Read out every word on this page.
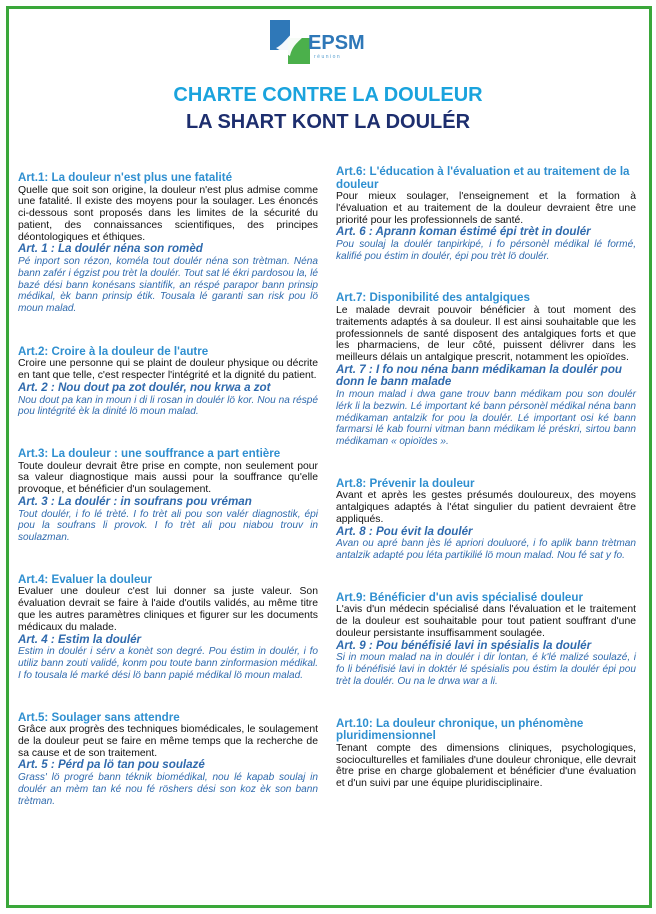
EPSM
réunion
CHARTE CONTRE LA DOULEUR
LA SHART KONT LA DOULÉR
Art.1: La douleur n'est plus une fatalité
Quelle que soit son origine, la douleur n'est plus admise comme une fatalité. Il existe des moyens pour la soulager. Les énoncés ci-dessous sont proposés dans les limites de la sécurité du patient, des connaissances scientifiques, des principes déontologiques et éthiques.
Art. 1 : La doulér néna son romèd
Pé inport son rézon, koméla tout doulér néna son trètman. Néna bann zafér i égzist pou trèt la doulér. Tout sat lé ékri pardosou la, lé bazé dési bann konésans siantifik, an réspé parapor bann prinsip médikal, èk bann prinsip étik. Tousala lé garanti san risk pou lö moun malad.
Art.2: Croire à la douleur de l'autre
Croire une personne qui se plaint de douleur physique ou décrite en tant que telle, c'est respecter l'intégrité et la dignité du patient.
Art. 2 : Nou dout pa zot doulér, nou krwa a zot
Nou dout pa kan in moun i di li rosan in doulér lö kor. Nou na réspé pou lintégrité èk la dinité lö moun malad.
Art.3: La douleur : une souffrance a part entière
Toute douleur devrait être prise en compte, non seulement pour sa valeur diagnostique mais aussi pour la souffrance qu'elle provoque, et bénéficier d'un soulagement.
Art. 3 : La doulér : in soufrans pou vréman
Tout doulér, i fo lé trèté. I fo trèt ali pou son valér diagnostik, épi pou la soufrans li provok. I fo trèt ali pou niabou trouv in soulazman.
Art.4: Evaluer la douleur
Evaluer une douleur c'est lui donner sa juste valeur. Son évaluation devrait se faire à l'aide d'outils validés, au même titre que les autres paramètres cliniques et figurer sur les documents médicaux du malade.
Art. 4 : Estim la doulér
Estim in doulér i sérv a konèt son degré. Pou éstim in doulér, i fo utiliz bann zouti validé, konm pou toute bann zinformasion médikal. I fo tousala lé marké dési lö bann papié médikal lö moun malad.
Art.5: Soulager sans attendre
Grâce aux progrès des techniques biomédicales, le soulagement de la douleur peut se faire en même temps que la recherche de sa cause et de son traitement.
Art. 5 : Pérd pa lö tan pou soulazé
Grass' lö progré bann téknik biomédikal, nou lé kapab soulaj in doulér an mèm tan ké nou fé röshers dési son koz èk son bann trètman.
Art.6: L'éducation à l'évaluation et au traitement de la douleur
Pour mieux soulager, l'enseignement et la formation à l'évaluation et au traitement de la douleur devraient être une priorité pour les professionnels de santé.
Art. 6 : Aprann koman éstimé épi trèt in doulér
Pou soulaj la doulér tanpirkipé, i fo pérsonèl médikal lé formé, kalifié pou éstim in doulér, épi pou trèt lö doulér.
Art.7: Disponibilité des antalgiques
Le malade devrait pouvoir bénéficier à tout moment des traitements adaptés à sa douleur. Il est ainsi souhaitable que les professionnels de santé disposent des antalgiques forts et que les pharmaciens, de leur côté, puissent délivrer dans les meilleurs délais un antalgique prescrit, notamment les opioïdes.
Art. 7 : I fo nou néna bann médikaman la doulér pou donn le bann malade
In moun malad i dwa gane trouv bann médikam pou son doulér lérk li la bezwin. Lé important ké bann pérsonèl médikal néna bann médikaman antalzik for pou la doulér. Lé important osi ké bann farmarsi lé kab fourni vitman bann médikam lé préskri, sirtou bann médikaman « opioïdes ».
Art.8: Prévenir la douleur
Avant et après les gestes présumés douloureux, des moyens antalgiques adaptés à l'état singulier du patient devraient être appliqués.
Art. 8 : Pou évit la doulér
Avan ou apré bann jès lé apriori douluoré, i fo aplik bann trètman antalzik adapté pou léta partikilié lö moun malad. Nou fé sat y fo.
Art.9: Bénéficier d'un avis spécialisé douleur
L'avis d'un médecin spécialisé dans l'évaluation et le traitement de la douleur est souhaitable pour tout patient souffrant d'une douleur persistante insuffisamment soulagée.
Art. 9 : Pou bénéfisié lavi in spésialis la doulér
Si in moun malad na in doulér i dir lontan, é k'lé malizé soulazé, i fo li bénéfisié lavi in doktér lé spésialis pou éstim la doulér épi pou trèt la doulér. Ou na le drwa war a li.
Art.10: La douleur chronique, un phénomène pluridimensionnel
Tenant compte des dimensions cliniques, psychologiques, socioculturelles et familiales d'une douleur chronique, elle devrait être prise en charge globalement et bénéficier d'une évaluation et d'un suivi par une équipe pluridisciplinaire.
